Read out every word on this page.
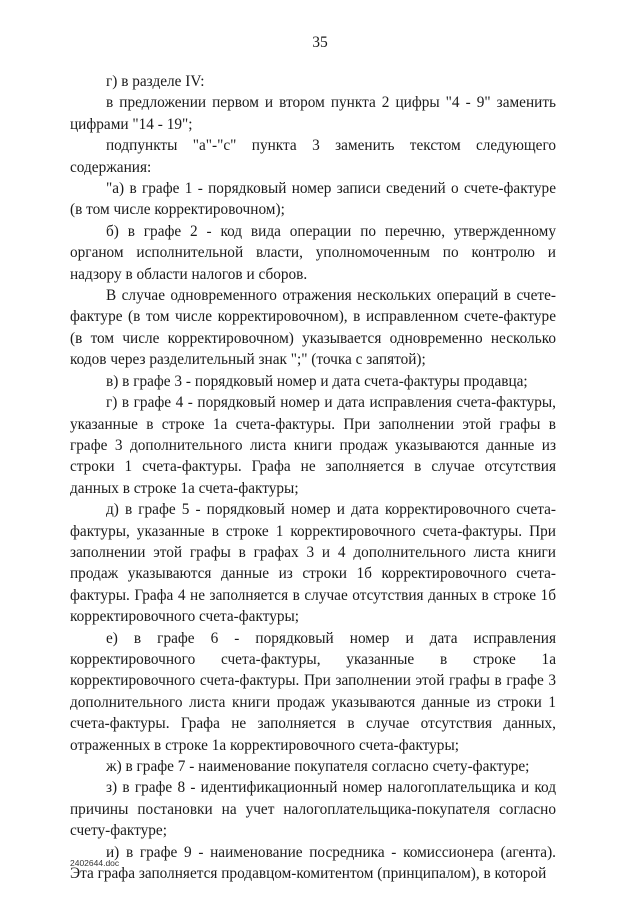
35

г) в разделе IV:

в предложении первом и втором пункта 2 цифры "4 - 9" заменить цифрами "14 - 19";

подпункты "а"-"с" пункта 3 заменить текстом следующего содержания:

"а) в графе 1 - порядковый номер записи сведений о счете-фактуре (в том числе корректировочном);

б) в графе 2 - код вида операции по перечню, утвержденному органом исполнительной власти, уполномоченным по контролю и надзору в области налогов и сборов.

В случае одновременного отражения нескольких операций в счете-фактуре (в том числе корректировочном), в исправленном счете-фактуре (в том числе корректировочном) указывается одновременно несколько кодов через разделительный знак ";" (точка с запятой);

в) в графе 3 - порядковый номер и дата счета-фактуры продавца;

г) в графе 4 - порядковый номер и дата исправления счета-фактуры, указанные в строке 1а счета-фактуры. При заполнении этой графы в графе 3 дополнительного листа книги продаж указываются данные из строки 1 счета-фактуры. Графа не заполняется в случае отсутствия данных в строке 1а счета-фактуры;

д) в графе 5 - порядковый номер и дата корректировочного счета-фактуры, указанные в строке 1 корректировочного счета-фактуры. При заполнении этой графы в графах 3 и 4 дополнительного листа книги продаж указываются данные из строки 1б корректировочного счета-фактуры. Графа 4 не заполняется в случае отсутствия данных в строке 1б корректировочного счета-фактуры;

е) в графе 6 - порядковый номер и дата исправления корректировочного счета-фактуры, указанные в строке 1а корректировочного счета-фактуры. При заполнении этой графы в графе 3 дополнительного листа книги продаж указываются данные из строки 1 счета-фактуры. Графа не заполняется в случае отсутствия данных, отраженных в строке 1а корректировочного счета-фактуры;

ж) в графе 7 - наименование покупателя согласно счету-фактуре;

з) в графе 8 - идентификационный номер налогоплательщика и код причины постановки на учет налогоплательщика-покупателя согласно счету-фактуре;

и) в графе 9 - наименование посредника - комиссионера (агента). Эта графа заполняется продавцом-комитентом (принципалом), в которой

2402644.doc
